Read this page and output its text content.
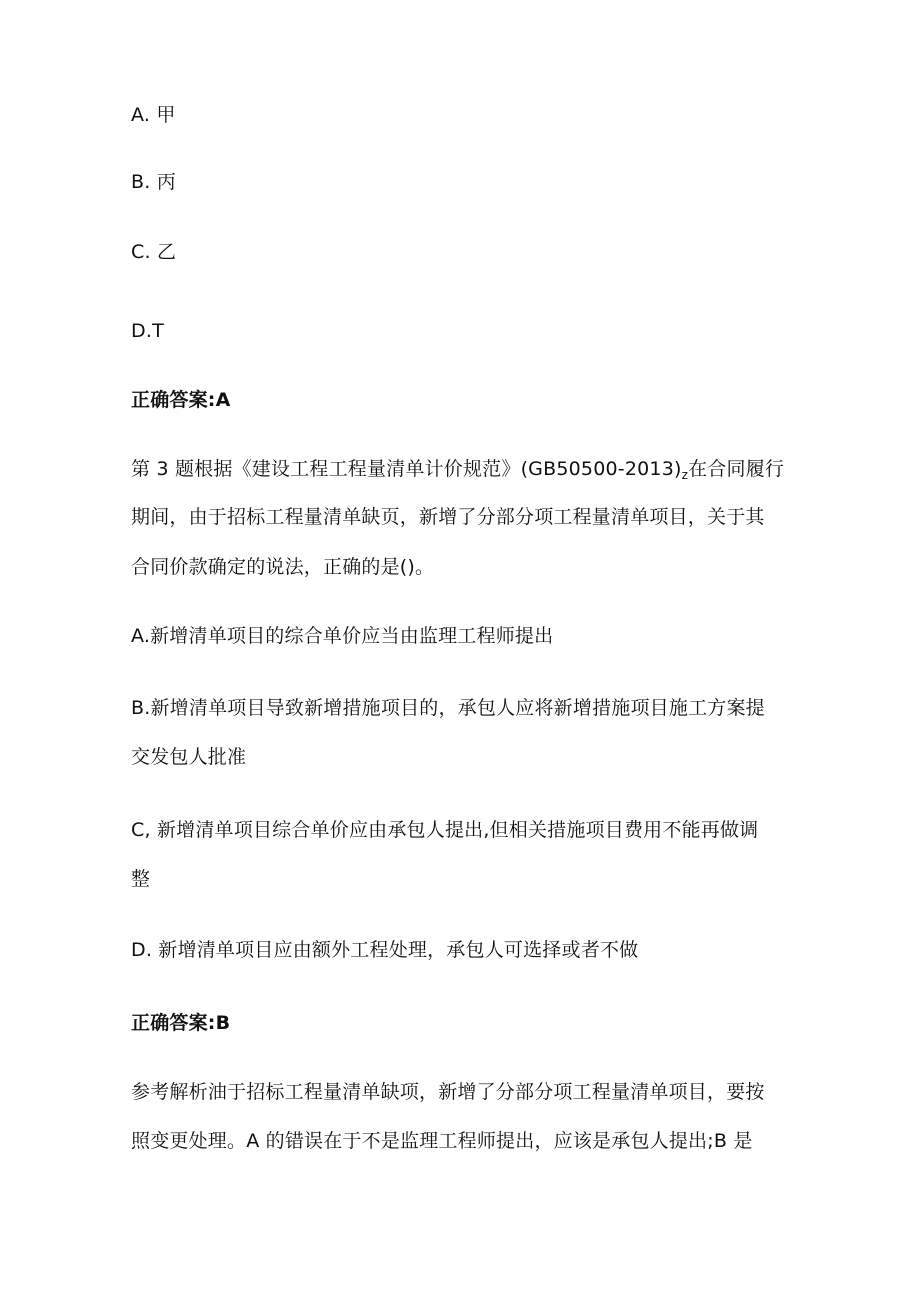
A. 甲
B. 丙
C. 乙
D.T
正确答案:A
第 3 题根据《建设工程工程量清单计价规范》$(GB50500-2013)_z$在合同履行
期间，由于招标工程量清单缺页，新增了分部分项工程量清单项目，关于其
合同价款确定的说法，正确的是()。
A.新增清单项目的综合单价应当由监理工程师提出
B.新增清单项目导致新增措施项目的，承包人应将新增措施项目施工方案提
交发包人批准
C, 新增清单项目综合单价应由承包人提出,但相关措施项目费用不能再做调
整
D. 新增清单项目应由额外工程处理，承包人可选择或者不做
正确答案:B
参考解析油于招标工程量清单缺项，新增了分部分项工程量清单项目，要按
照变更处理。A 的错误在于不是监理工程师提出，应该是承包人提出;B 是
